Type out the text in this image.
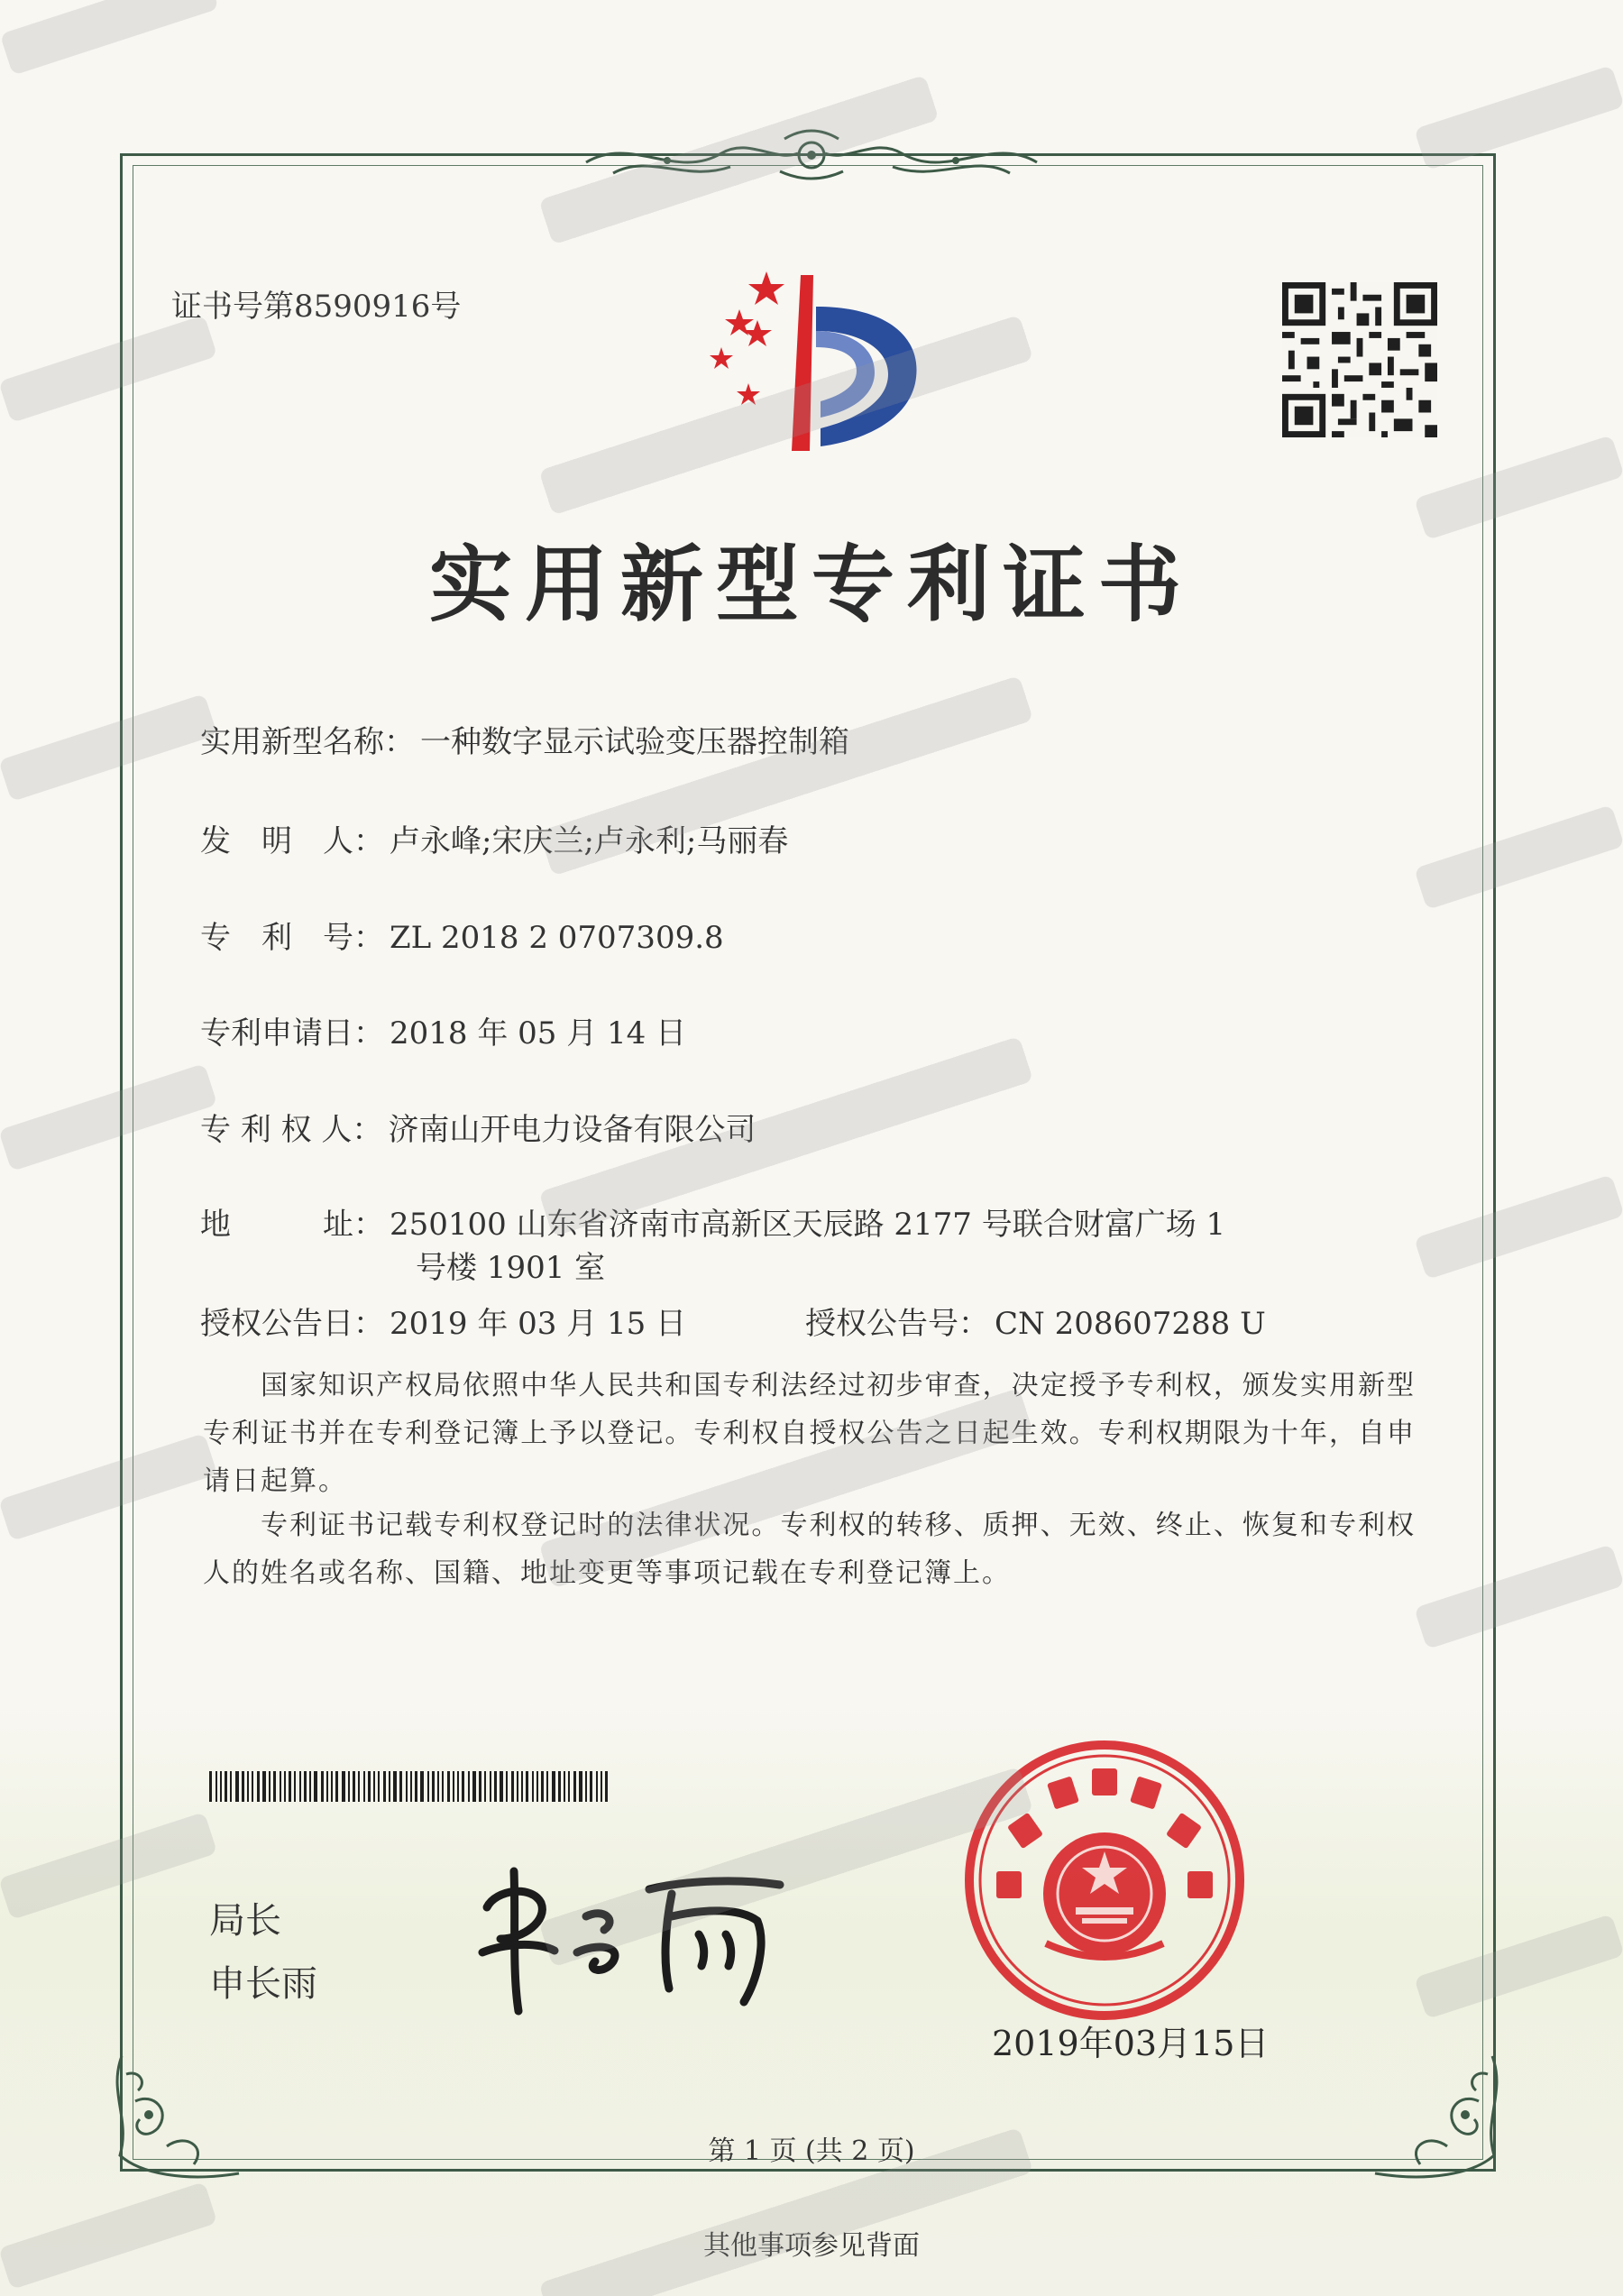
证书号第8590916号
实用新型专利证书
实用新型名称： 一种数字显示试验变压器控制箱
发　明　人： 卢永峰;宋庆兰;卢永利;马丽春
专　利　号： ZL 2018 2 0707309.8
专利申请日： 2018 年 05 月 14 日
专 利 权 人： 济南山开电力设备有限公司
地　　　址： 250100 山东省济南市高新区天辰路 2177 号联合财富广场 1
号楼 1901 室
授权公告日： 2019 年 03 月 15 日	授权公告号： CN 208607288 U
国家知识产权局依照中华人民共和国专利法经过初步审查，决定授予专利权，颁发实用新型专利证书并在专利登记簿上予以登记。专利权自授权公告之日起生效。专利权期限为十年，自申请日起算。
专利证书记载专利权登记时的法律状况。专利权的转移、质押、无效、终止、恢复和专利权人的姓名或名称、国籍、地址变更等事项记载在专利登记簿上。
局长
申长雨
2019年03月15日
第 1 页 (共 2 页)
其他事项参见背面
